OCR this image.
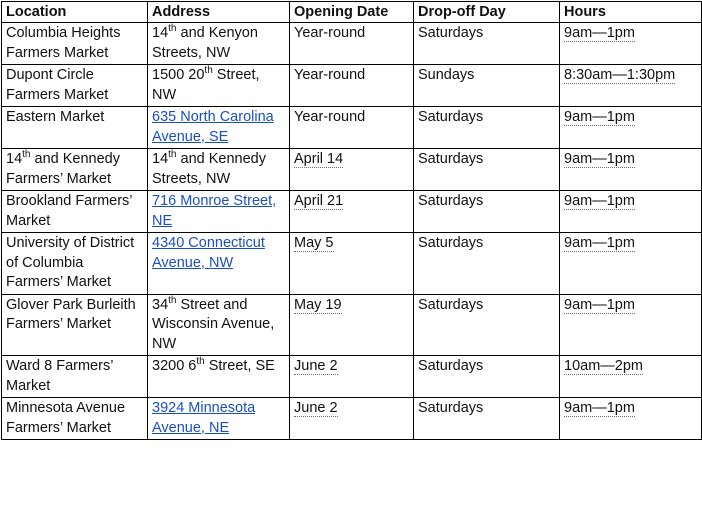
Location	Address	Opening Date	Drop-off Day	Hours
Columbia Heights Farmers Market	14th and Kenyon Streets, NW	Year-round	Saturdays	9am—1pm
Dupont Circle Farmers Market	1500 20th Street, NW	Year-round	Sundays	8:30am—1:30pm
Eastern Market	635 North Carolina Avenue, SE	Year-round	Saturdays	9am—1pm
14th and Kennedy Farmers’ Market	14th and Kennedy Streets, NW	April 14	Saturdays	9am—1pm
Brookland Farmers’ Market	716 Monroe Street, NE	April 21	Saturdays	9am—1pm
University of District of Columbia Farmers’ Market	4340 Connecticut Avenue, NW	May 5	Saturdays	9am—1pm
Glover Park Burleith Farmers’ Market	34th Street and Wisconsin Avenue, NW	May 19	Saturdays	9am—1pm
Ward 8 Farmers’ Market	3200 6th Street, SE	June 2	Saturdays	10am—2pm
Minnesota Avenue Farmers’ Market	3924 Minnesota Avenue, NE	June 2	Saturdays	9am—1pm
